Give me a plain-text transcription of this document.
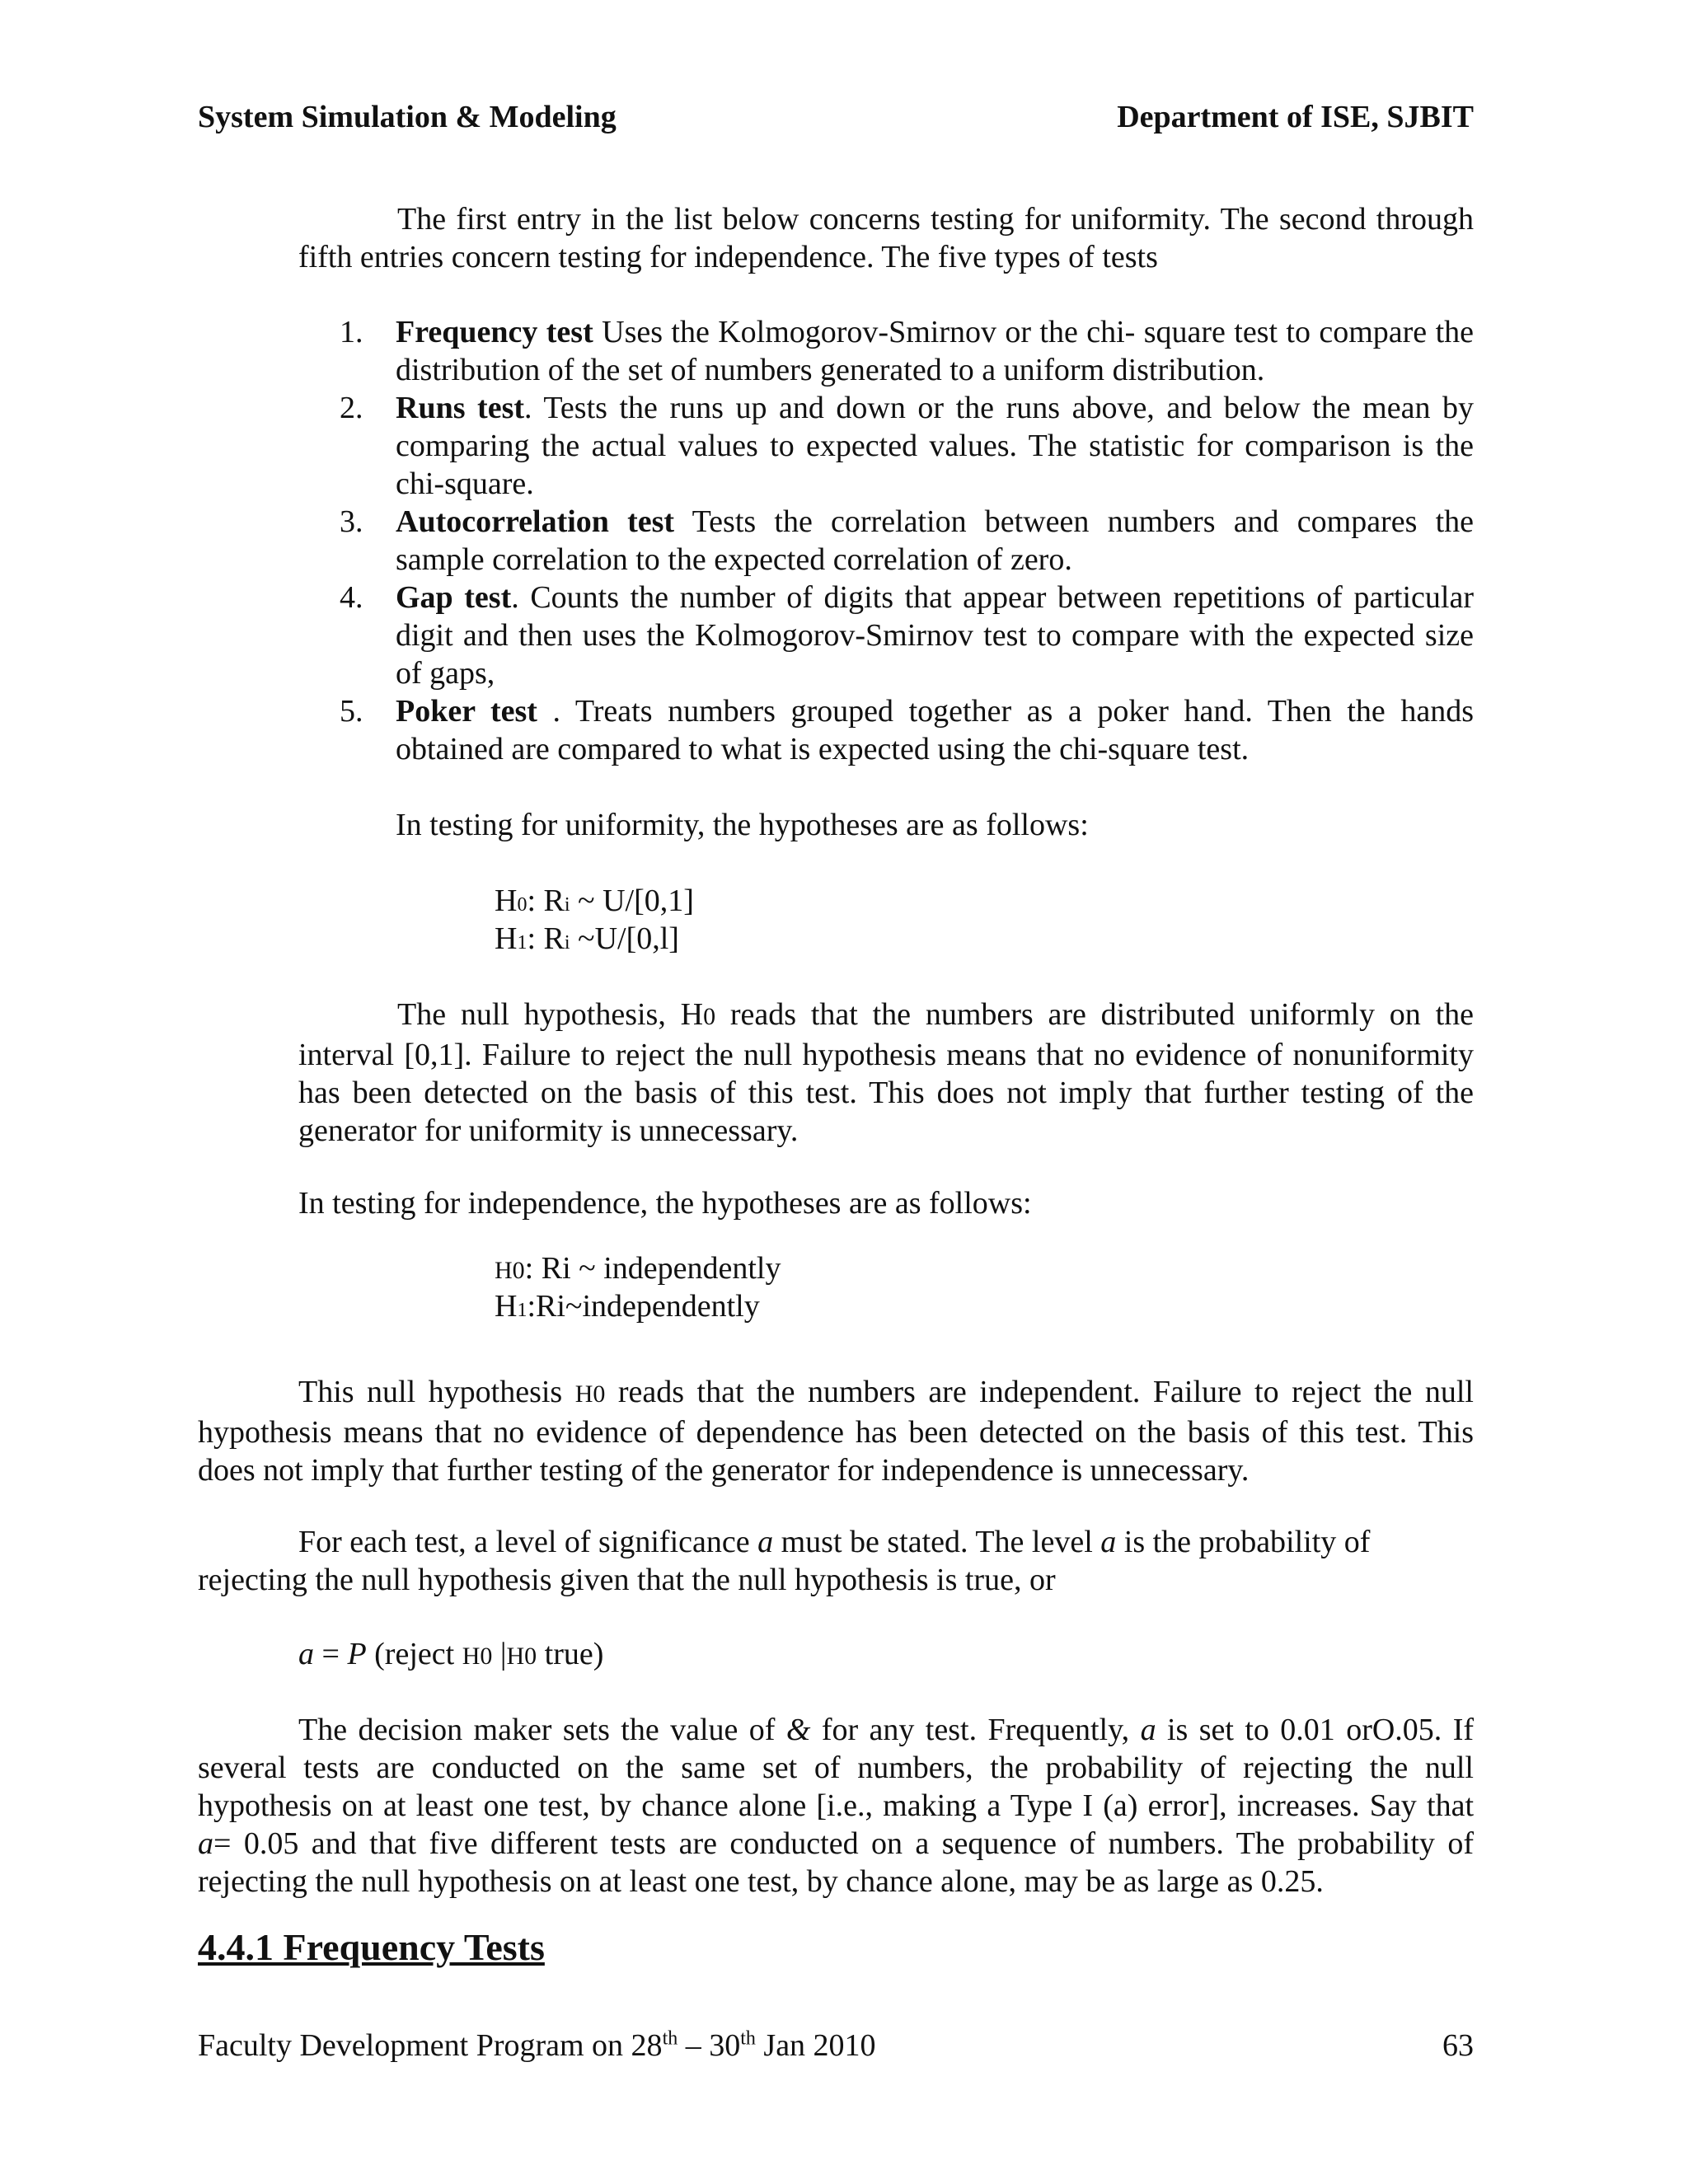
System Simulation & Modeling	Department of ISE, SJBIT
The first entry in the list below concerns testing for uniformity. The second through fifth entries concern testing for independence. The five types of tests
1. Frequency test Uses the Kolmogorov-Smirnov or the chi- square test to compare the distribution of the set of numbers generated to a uniform distribution.
2. Runs test. Tests the runs up and down or the runs above, and below the mean by comparing the actual values to expected values. The statistic for comparison is the chi-square.
3. Autocorrelation test Tests the correlation between numbers and compares the sample correlation to the expected correlation of zero.
4. Gap test. Counts the number of digits that appear between repetitions of particular digit and then uses the Kolmogorov-Smirnov test to compare with the expected size of gaps,
5. Poker test . Treats numbers grouped together as a poker hand. Then the hands obtained are compared to what is expected using the chi-square test.
In testing for uniformity, the hypotheses are as follows:
H0: Ri ~ U/[0,1]
H1: Ri ~U/[0,l]
The null hypothesis, H0 reads that the numbers are distributed uniformly on the interval [0,1]. Failure to reject the null hypothesis means that no evidence of nonuniformity has been detected on the basis of this test. This does not imply that further testing of the generator for uniformity is unnecessary.
In testing for independence, the hypotheses are as follows:
H0: Ri ~ independently
H1:Ri~independently
This null hypothesis H0 reads that the numbers are independent. Failure to reject the null hypothesis means that no evidence of dependence has been detected on the basis of this test. This does not imply that further testing of the generator for independence is unnecessary.
For each test, a level of significance a must be stated. The level a is the probability of rejecting the null hypothesis given that the null hypothesis is true, or
a = P (reject H0 |H0 true)
The decision maker sets the value of & for any test. Frequently, a is set to 0.01 orO.05. If several tests are conducted on the same set of numbers, the probability of rejecting the null hypothesis on at least one test, by chance alone [i.e., making a Type I (a) error], increases. Say that a= 0.05 and that five different tests are conducted on a sequence of numbers. The probability of rejecting the null hypothesis on at least one test, by chance alone, may be as large as 0.25.
4.4.1 Frequency Tests
Faculty Development Program on 28th – 30th Jan 2010	63
